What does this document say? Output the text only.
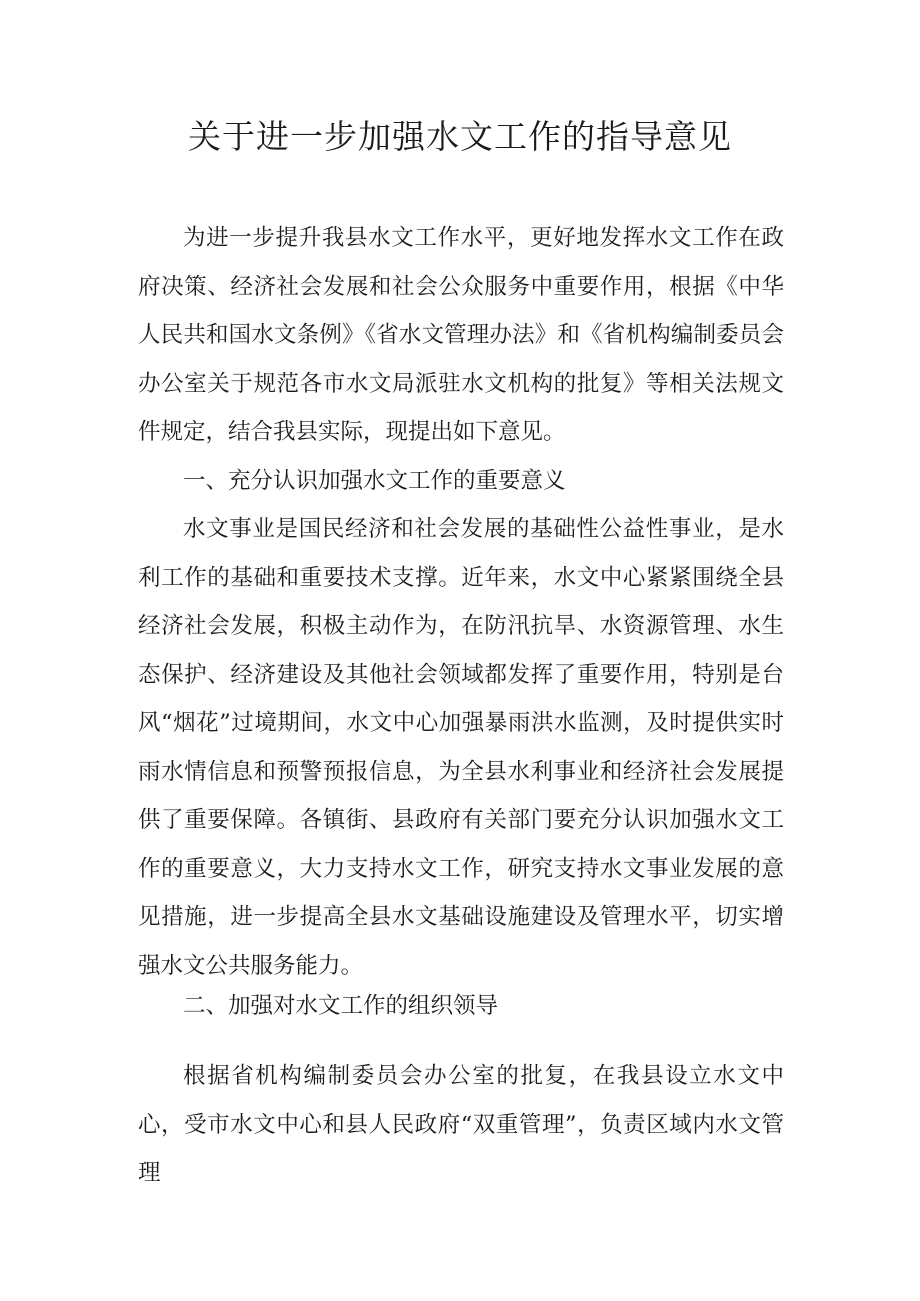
关于进一步加强水文工作的指导意见

为进一步提升我县水文工作水平，更好地发挥水文工作在政府决策、经济社会发展和社会公众服务中重要作用，根据《中华人民共和国水文条例》《省水文管理办法》和《省机构编制委员会办公室关于规范各市水文局派驻水文机构的批复》等相关法规文件规定，结合我县实际，现提出如下意见。

一、充分认识加强水文工作的重要意义

水文事业是国民经济和社会发展的基础性公益性事业，是水利工作的基础和重要技术支撑。近年来，水文中心紧紧围绕全县经济社会发展，积极主动作为，在防汛抗旱、水资源管理、水生态保护、经济建设及其他社会领域都发挥了重要作用，特别是台风“烟花”过境期间，水文中心加强暴雨洪水监测，及时提供实时雨水情信息和预警预报信息，为全县水利事业和经济社会发展提供了重要保障。各镇街、县政府有关部门要充分认识加强水文工作的重要意义，大力支持水文工作，研究支持水文事业发展的意见措施，进一步提高全县水文基础设施建设及管理水平，切实增强水文公共服务能力。

二、加强对水文工作的组织领导

根据省机构编制委员会办公室的批复，在我县设立水文中心，受市水文中心和县人民政府“双重管理”，负责区域内水文管理
